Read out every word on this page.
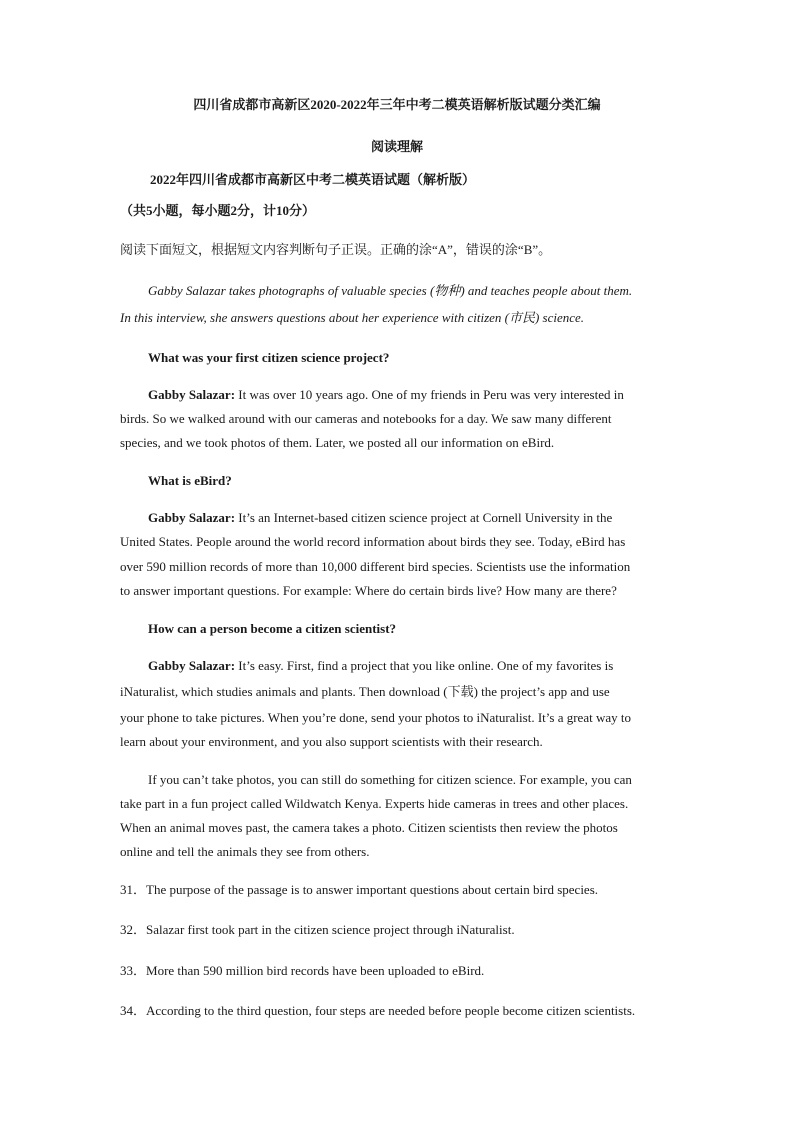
四川省成都市高新区2020-2022年三年中考二模英语解析版试题分类汇编
阅读理解
2022年四川省成都市高新区中考二模英语试题（解析版）
（共5小题，每小题2分，计10分）
阅读下面短文，根据短文内容判断句子正误。正确的涂“A”，错误的涂“B”。
Gabby Salazar takes photographs of valuable species (物种) and teaches people about them.
In this interview, she answers questions about her experience with citizen (市民) science.
What was your first citizen science project?
Gabby Salazar: It was over 10 years ago. One of my friends in Peru was very interested in
birds. So we walked around with our cameras and notebooks for a day. We saw many different
species, and we took photos of them. Later, we posted all our information on eBird.
What is eBird?
Gabby Salazar: It’s an Internet-based citizen science project at Cornell University in the
United States. People around the world record information about birds they see. Today, eBird has
over 590 million records of more than 10,000 different bird species. Scientists use the information
to answer important questions. For example: Where do certain birds live? How many are there?
How can a person become a citizen scientist?
Gabby Salazar: It’s easy. First, find a project that you like online. One of my favorites is
iNaturalist, which studies animals and plants. Then download (下载) the project’s app and use
your phone to take pictures. When you’re done, send your photos to iNaturalist. It’s a great way to
learn about your environment, and you also support scientists with their research.
If you can’t take photos, you can still do something for citizen science. For example, you can
take part in a fun project called Wildwatch Kenya. Experts hide cameras in trees and other places.
When an animal moves past, the camera takes a photo. Citizen scientists then review the photos
online and tell the animals they see from others.
31．The purpose of the passage is to answer important questions about certain bird species.
32．Salazar first took part in the citizen science project through iNaturalist.
33．More than 590 million bird records have been uploaded to eBird.
34．According to the third question, four steps are needed before people become citizen scientists.
